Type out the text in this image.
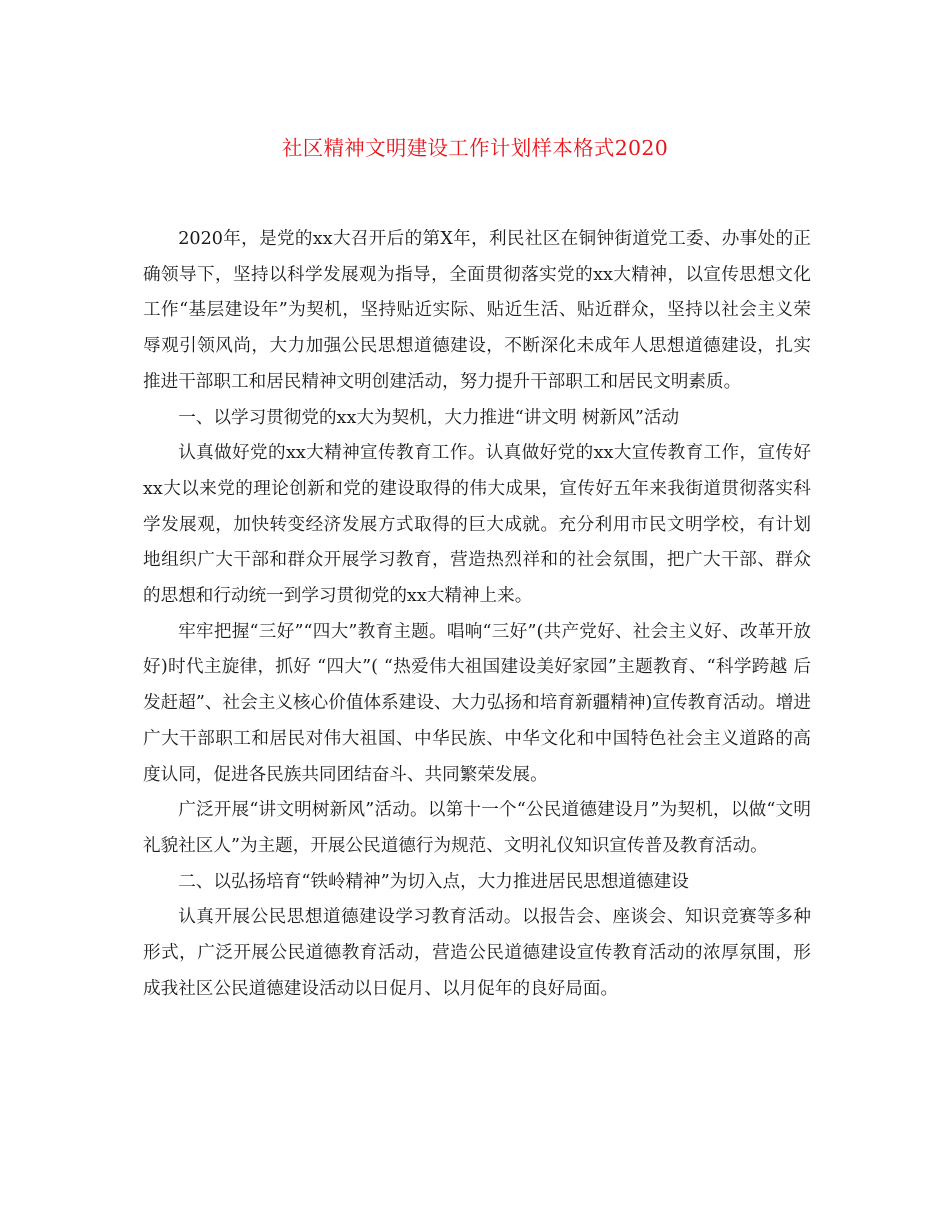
社区精神文明建设工作计划样本格式2020

2020年，是党的xx大召开后的第X年，利民社区在铜钟街道党工委、办事处的正确领导下，坚持以科学发展观为指导，全面贯彻落实党的xx大精神，以宣传思想文化工作“基层建设年”为契机，坚持贴近实际、贴近生活、贴近群众，坚持以社会主义荣辱观引领风尚，大力加强公民思想道德建设，不断深化未成年人思想道德建设，扎实推进干部职工和居民精神文明创建活动，努力提升干部职工和居民文明素质。

一、以学习贯彻党的xx大为契机，大力推进“讲文明 树新风”活动

认真做好党的xx大精神宣传教育工作。认真做好党的xx大宣传教育工作，宣传好xx大以来党的理论创新和党的建设取得的伟大成果，宣传好五年来我街道贯彻落实科学发展观，加快转变经济发展方式取得的巨大成就。充分利用市民文明学校，有计划地组织广大干部和群众开展学习教育，营造热烈祥和的社会氛围，把广大干部、群众的思想和行动统一到学习贯彻党的xx大精神上来。

牢牢把握“三好”“四大”教育主题。唱响“三好”(共产党好、社会主义好、改革开放好)时代主旋律，抓好 “四大”( “热爱伟大祖国建设美好家园”主题教育、“科学跨越 后发赶超”、社会主义核心价值体系建设、大力弘扬和培育新疆精神)宣传教育活动。增进广大干部职工和居民对伟大祖国、中华民族、中华文化和中国特色社会主义道路的高度认同，促进各民族共同团结奋斗、共同繁荣发展。

广泛开展“讲文明树新风”活动。以第十一个“公民道德建设月”为契机，以做“文明礼貌社区人”为主题，开展公民道德行为规范、文明礼仪知识宣传普及教育活动。

二、以弘扬培育“铁岭精神”为切入点，大力推进居民思想道德建设

认真开展公民思想道德建设学习教育活动。以报告会、座谈会、知识竞赛等多种形式，广泛开展公民道德教育活动，营造公民道德建设宣传教育活动的浓厚氛围，形成我社区公民道德建设活动以日促月、以月促年的良好局面。
